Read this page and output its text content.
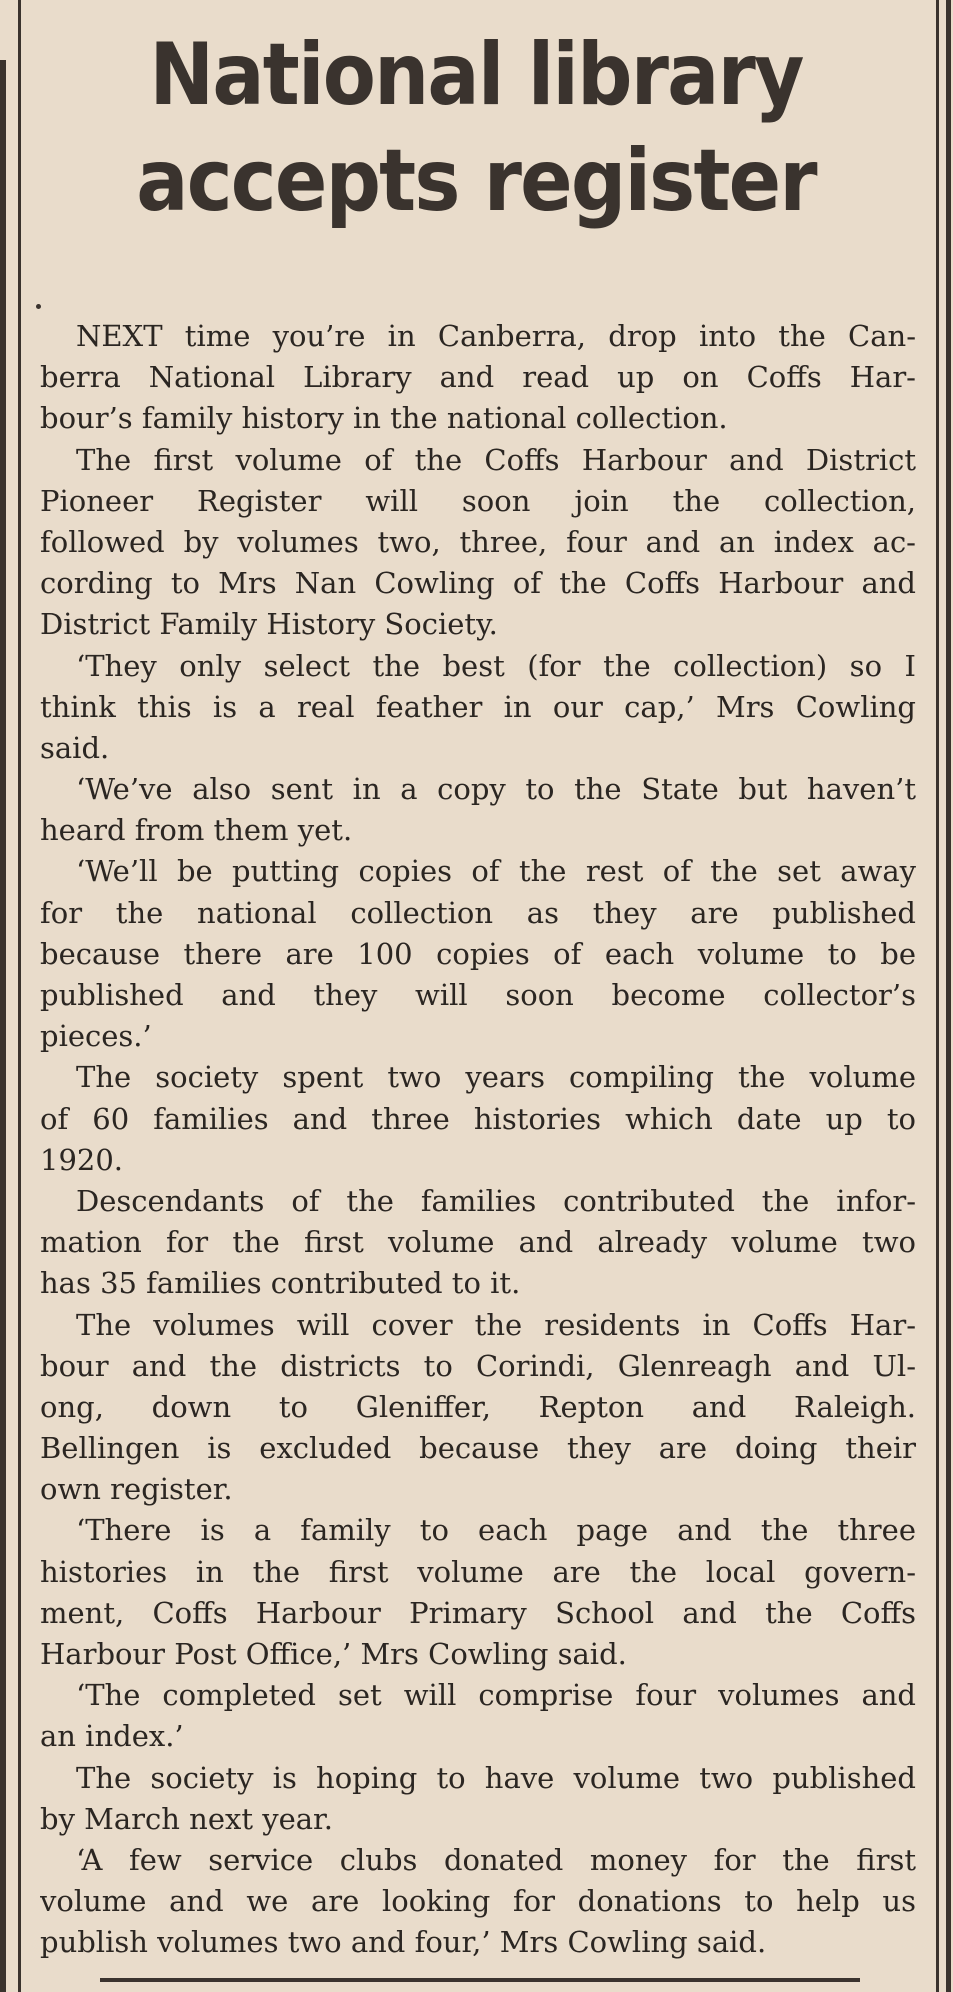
National library
accepts register
NEXT time you’re in Canberra, drop into the Can-
berra National Library and read up on Coffs Har-
bour’s family history in the national collection.
The first volume of the Coffs Harbour and District
Pioneer Register will soon join the collection,
followed by volumes two, three, four and an index ac-
cording to Mrs Nan Cowling of the Coffs Harbour and
District Family History Society.
‘They only select the best (for the collection) so I
think this is a real feather in our cap,’ Mrs Cowling
said.
‘We’ve also sent in a copy to the State but haven’t
heard from them yet.
‘We’ll be putting copies of the rest of the set away
for the national collection as they are published
because there are 100 copies of each volume to be
published and they will soon become collector’s
pieces.’
The society spent two years compiling the volume
of 60 families and three histories which date up to
1920.
Descendants of the families contributed the infor-
mation for the first volume and already volume two
has 35 families contributed to it.
The volumes will cover the residents in Coffs Har-
bour and the districts to Corindi, Glenreagh and Ul-
ong, down to Gleniffer, Repton and Raleigh.
Bellingen is excluded because they are doing their
own register.
‘There is a family to each page and the three
histories in the first volume are the local govern-
ment, Coffs Harbour Primary School and the Coffs
Harbour Post Office,’ Mrs Cowling said.
‘The completed set will comprise four volumes and
an index.’
The society is hoping to have volume two published
by March next year.
‘A few service clubs donated money for the first
volume and we are looking for donations to help us
publish volumes two and four,’ Mrs Cowling said.
